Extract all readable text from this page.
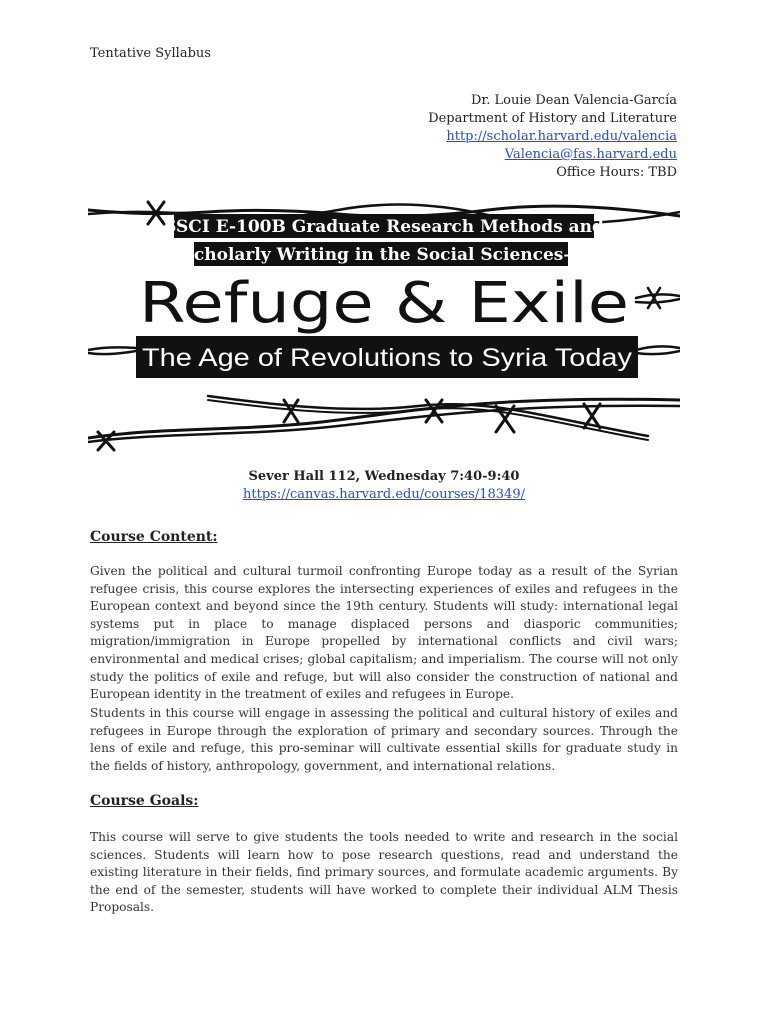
Tentative Syllabus
Dr. Louie Dean Valencia-García
Department of History and Literature
http://scholar.harvard.edu/valencia
Valencia@fas.harvard.edu
Office Hours: TBD
SSCI E-100B Graduate Research Methods and
Scholarly Writing in the Social Sciences—
Refuge & Exile
The Age of Revolutions to Syria Today
Sever Hall 112, Wednesday 7:40-9:40
https://canvas.harvard.edu/courses/18349/
Course Content:
Given the political and cultural turmoil confronting Europe today as a result of the Syrian refugee crisis, this course explores the intersecting experiences of exiles and refugees in the European context and beyond since the 19th century. Students will study: international legal systems put in place to manage displaced persons and diasporic communities; migration/immigration in Europe propelled by international conflicts and civil wars; environmental and medical crises; global capitalism; and imperialism. The course will not only study the politics of exile and refuge, but will also consider the construction of national and European identity in the treatment of exiles and refugees in Europe.
Students in this course will engage in assessing the political and cultural history of exiles and refugees in Europe through the exploration of primary and secondary sources. Through the lens of exile and refuge, this pro-seminar will cultivate essential skills for graduate study in the fields of history, anthropology, government, and international relations.
Course Goals:
This course will serve to give students the tools needed to write and research in the social sciences. Students will learn how to pose research questions, read and understand the existing literature in their fields, find primary sources, and formulate academic arguments. By the end of the semester, students will have worked to complete their individual ALM Thesis Proposals.
